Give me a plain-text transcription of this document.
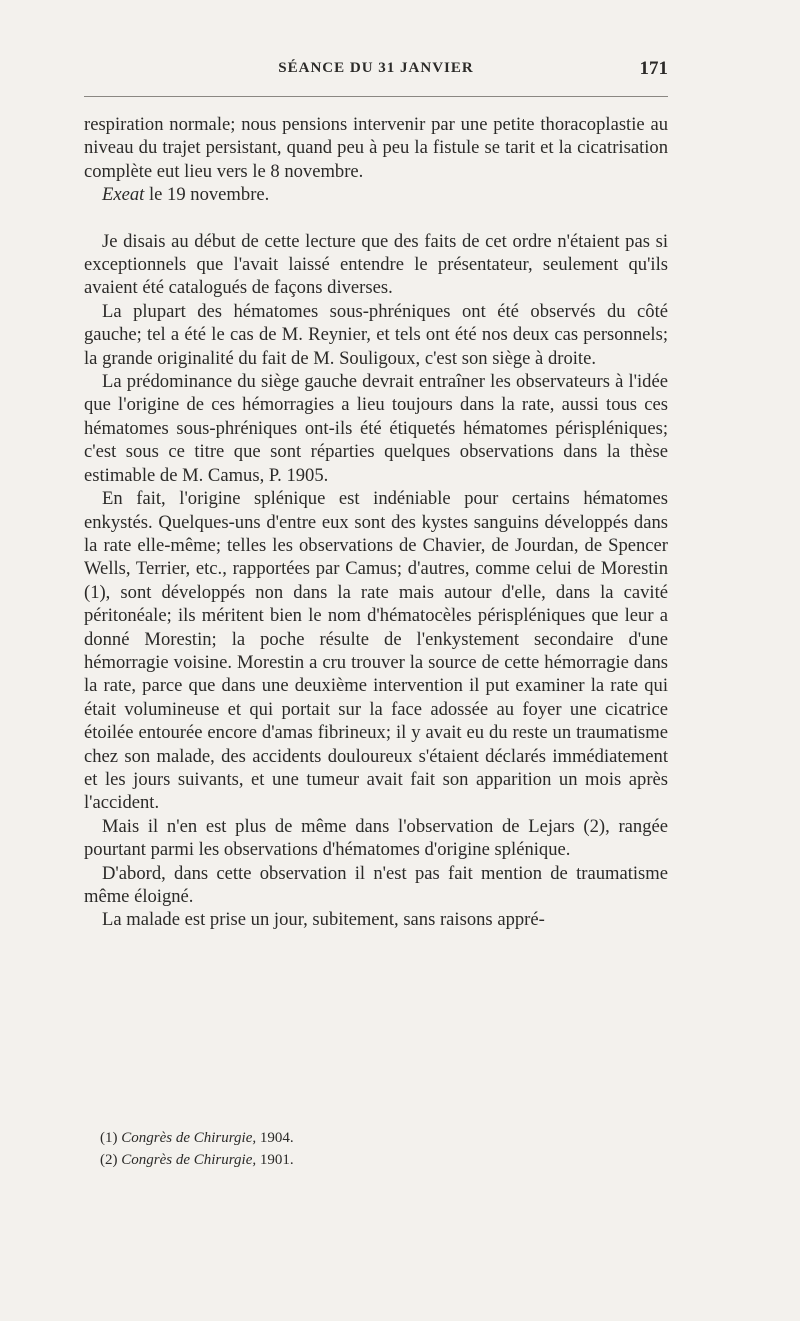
SÉANCE DU 31 JANVIER	171

respiration normale; nous pensions intervenir par une petite thoracoplastie au niveau du trajet persistant, quand peu à peu la fistule se tarit et la cicatrisation complète eut lieu vers le 8 novembre.

Exeat le 19 novembre.

Je disais au début de cette lecture que des faits de cet ordre n'étaient pas si exceptionnels que l'avait laissé entendre le présentateur, seulement qu'ils avaient été catalogués de façons diverses.

La plupart des hématomes sous-phréniques ont été observés du côté gauche; tel a été le cas de M. Reynier, et tels ont été nos deux cas personnels; la grande originalité du fait de M. Souligoux, c'est son siège à droite.

La prédominance du siège gauche devrait entraîner les observateurs à l'idée que l'origine de ces hémorragies a lieu toujours dans la rate, aussi tous ces hématomes sous-phréniques ont-ils été étiquetés hématomes périspléniques; c'est sous ce titre que sont réparties quelques observations dans la thèse estimable de M. Camus, P. 1905.

En fait, l'origine splénique est indéniable pour certains hématomes enkystés. Quelques-uns d'entre eux sont des kystes sanguins développés dans la rate elle-même; telles les observations de Chavier, de Jourdan, de Spencer Wells, Terrier, etc., rapportées par Camus; d'autres, comme celui de Morestin (1), sont développés non dans la rate mais autour d'elle, dans la cavité péritonéale; ils méritent bien le nom d'hématocèles périspléniques que leur a donné Morestin; la poche résulte de l'enkystement secondaire d'une hémorragie voisine. Morestin a cru trouver la source de cette hémorragie dans la rate, parce que dans une deuxième intervention il put examiner la rate qui était volumineuse et qui portait sur la face adossée au foyer une cicatrice étoilée entourée encore d'amas fibrineux; il y avait eu du reste un traumatisme chez son malade, des accidents douloureux s'étaient déclarés immédiatement et les jours suivants, et une tumeur avait fait son apparition un mois après l'accident.

Mais il n'en est plus de même dans l'observation de Lejars (2), rangée pourtant parmi les observations d'hématomes d'origine splénique.

D'abord, dans cette observation il n'est pas fait mention de traumatisme même éloigné.

La malade est prise un jour, subitement, sans raisons appré-

(1) Congrès de Chirurgie, 1904.

(2) Congrès de Chirurgie, 1901.
